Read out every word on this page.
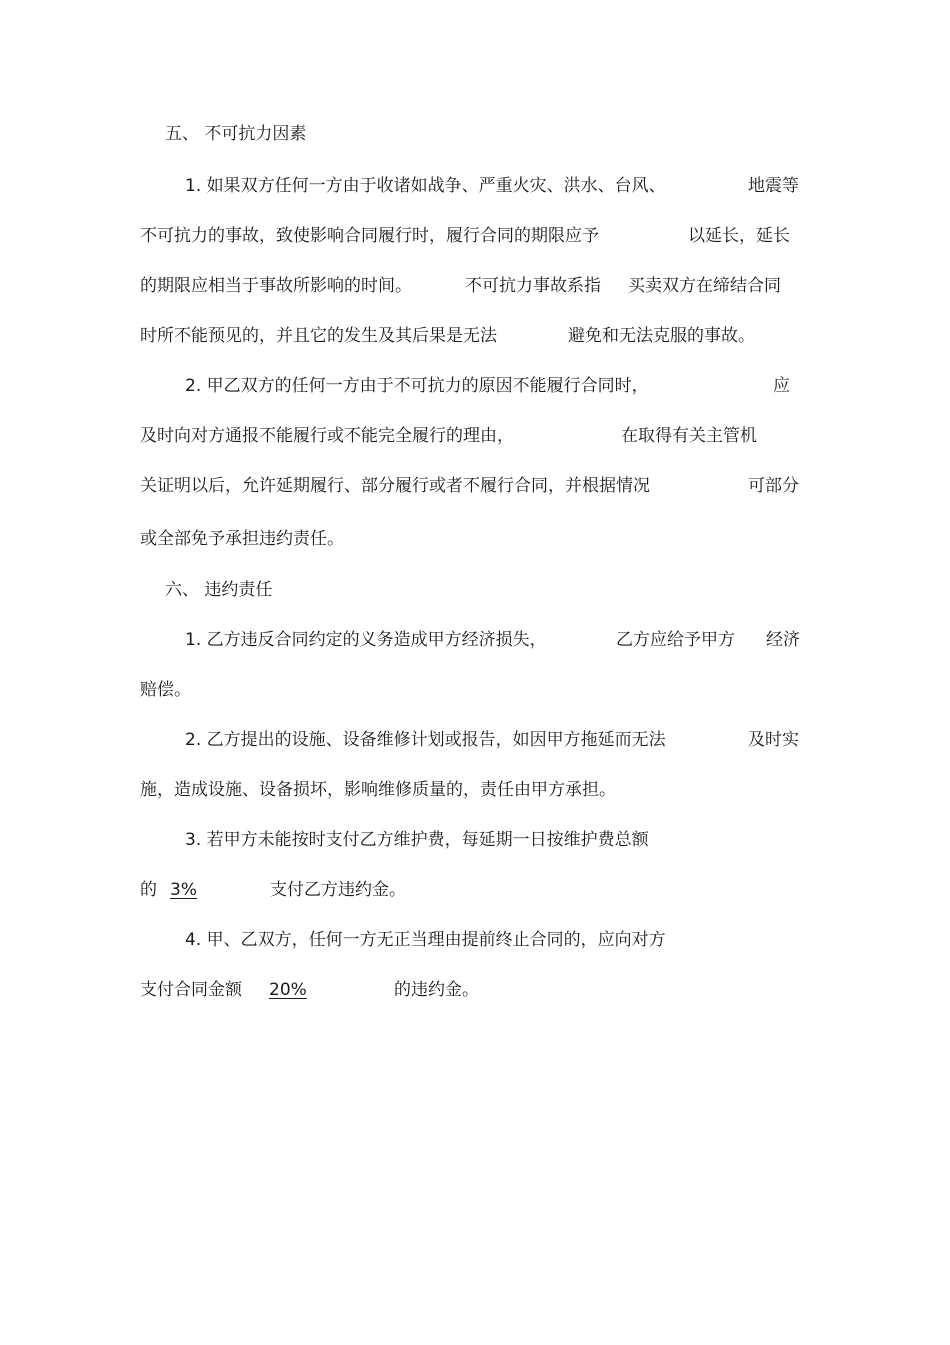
五、 不可抗力因素

1. 如果双方任何一方由于收诸如战争、严重火灾、洪水、台风、

	地震等

不可抗力的事故，致使影响合同履行时，履行合同的期限应予

	以延长，延长

的期限应相当于事故所影响的时间。

	不可抗力事故系指

买卖双方在缔结合同

时所不能预见的，并且它的发生及其后果是无法

	避免和无法克服的事故。

2. 甲乙双方的任何一方由于不可抗力的原因不能履行合同时，

	应

及时向对方通报不能履行或不能完全履行的理由，

	在取得有关主管机

关证明以后，允许延期履行、部分履行或者不履行合同，并根据情况

	可部分

或全部免予承担违约责任。

六、 违约责任

1. 乙方违反合同约定的义务造成甲方经济损失，

	乙方应给予甲方

经济

赔偿。

2. 乙方提出的设施、设备维修计划或报告，如因甲方拖延而无法

	及时实

施，造成设施、设备损坏，影响维修质量的，责任由甲方承担。

3. 若甲方未能按时支付乙方维护费，每延期一日按维护费总额

的

3%

	支付乙方违约金。

4. 甲、乙双方，任何一方无正当理由提前终止合同的，应向对方

支付合同金额

20%

	的违约金。
